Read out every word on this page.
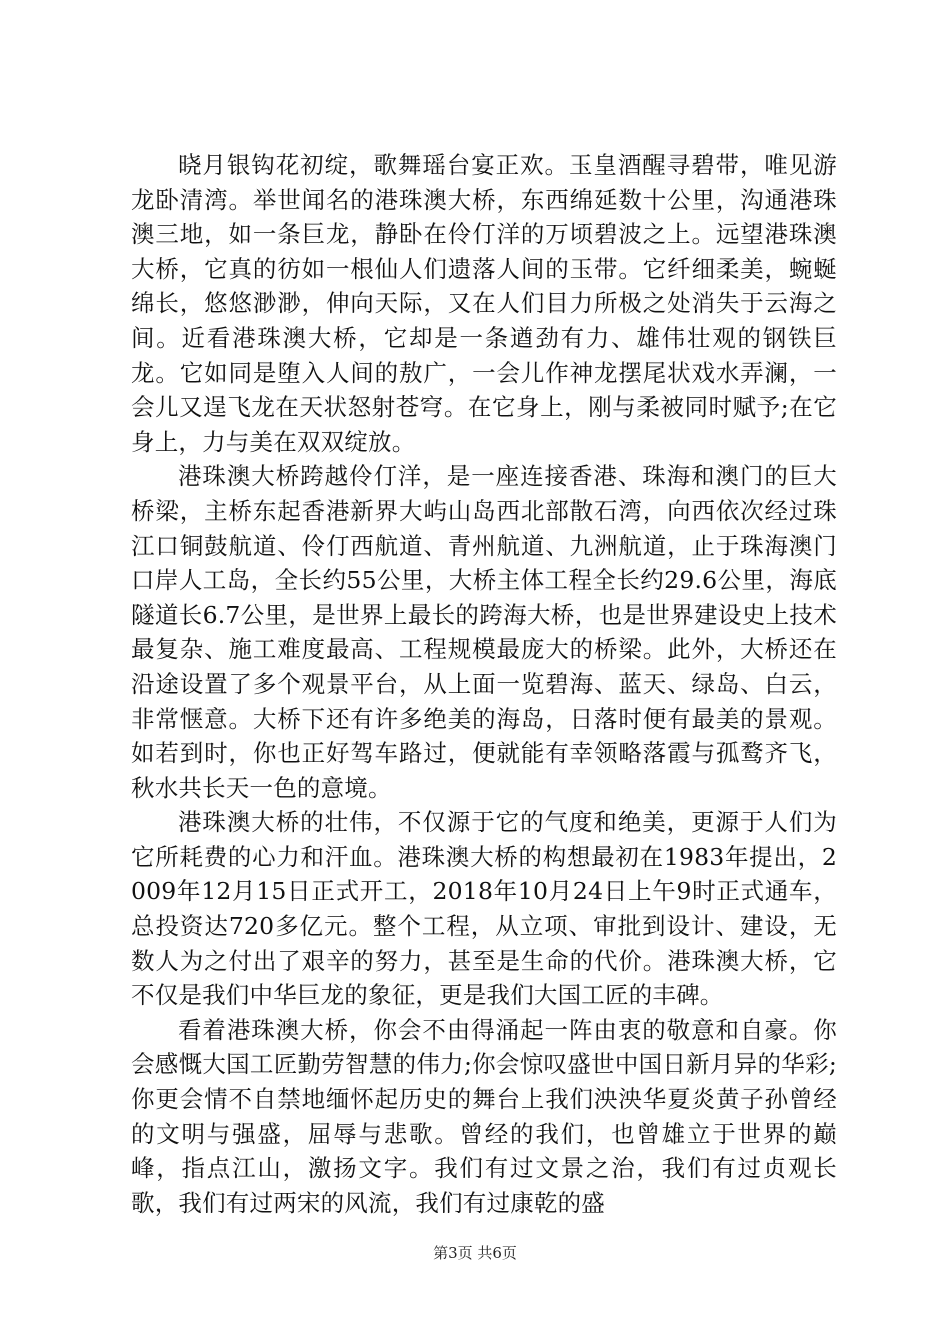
晓月银钩花初绽，歌舞瑶台宴正欢。玉皇酒醒寻碧带，唯见游龙卧清湾。举世闻名的港珠澳大桥，东西绵延数十公里，沟通港珠澳三地，如一条巨龙，静卧在伶仃洋的万顷碧波之上。远望港珠澳大桥，它真的彷如一根仙人们遗落人间的玉带。它纤细柔美，蜿蜒绵长，悠悠渺渺，伸向天际，又在人们目力所极之处消失于云海之间。近看港珠澳大桥，它却是一条遒劲有力、雄伟壮观的钢铁巨龙。它如同是堕入人间的敖广，一会儿作神龙摆尾状戏水弄澜，一会儿又逞飞龙在天状怒射苍穹。在它身上，刚与柔被同时赋予;在它身上，力与美在双双绽放。

港珠澳大桥跨越伶仃洋，是一座连接香港、珠海和澳门的巨大桥梁，主桥东起香港新界大屿山岛西北部散石湾，向西依次经过珠江口铜鼓航道、伶仃西航道、青州航道、九洲航道，止于珠海澳门口岸人工岛，全长约55公里，大桥主体工程全长约29.6公里，海底隧道长6.7公里，是世界上最长的跨海大桥，也是世界建设史上技术最复杂、施工难度最高、工程规模最庞大的桥梁。此外，大桥还在沿途设置了多个观景平台，从上面一览碧海、蓝天、绿岛、白云，非常惬意。大桥下还有许多绝美的海岛，日落时便有最美的景观。如若到时，你也正好驾车路过，便就能有幸领略落霞与孤鹜齐飞，秋水共长天一色的意境。

港珠澳大桥的壮伟，不仅源于它的气度和绝美，更源于人们为它所耗费的心力和汗血。港珠澳大桥的构想最初在1983年提出，2009年12月15日正式开工，2018年10月24日上午9时正式通车，总投资达720多亿元。整个工程，从立项、审批到设计、建设，无数人为之付出了艰辛的努力，甚至是生命的代价。港珠澳大桥，它不仅是我们中华巨龙的象征，更是我们大国工匠的丰碑。

看着港珠澳大桥，你会不由得涌起一阵由衷的敬意和自豪。你会感慨大国工匠勤劳智慧的伟力;你会惊叹盛世中国日新月异的华彩;你更会情不自禁地缅怀起历史的舞台上我们泱泱华夏炎黄子孙曾经的文明与强盛，屈辱与悲歌。曾经的我们，也曾雄立于世界的巅峰，指点江山，激扬文字。我们有过文景之治，我们有过贞观长歌，我们有过两宋的风流，我们有过康乾的盛

第3页 共6页
